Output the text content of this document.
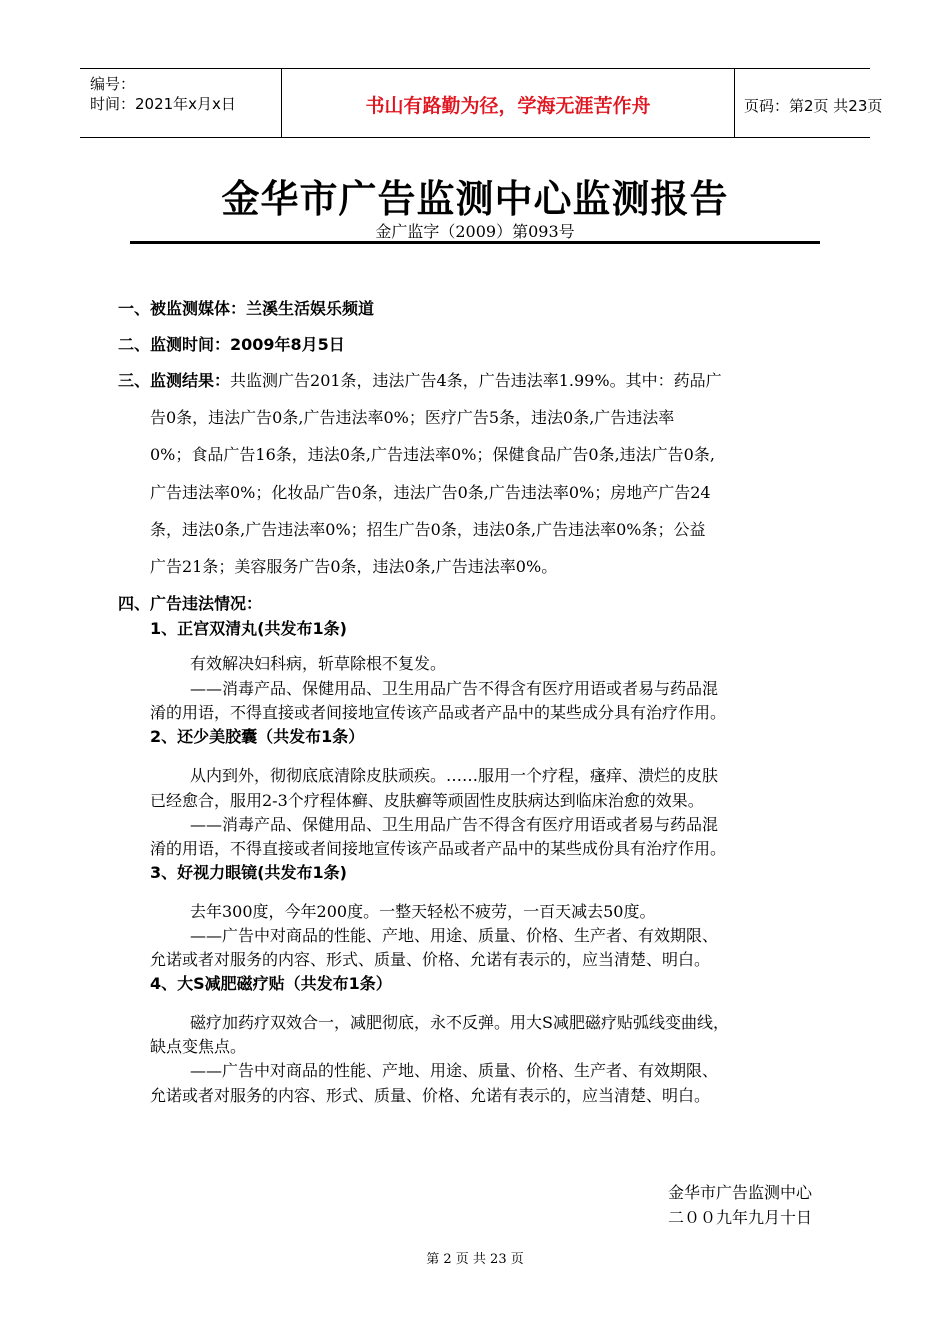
编号：
时间：2021年x月x日	书山有路勤为径，学海无涯苦作舟	页码：第2页 共23页
金华市广告监测中心监测报告
金广监字（2009）第093号
一、被监测媒体：兰溪生活娱乐频道
二、监测时间：2009年8月5日
三、监测结果：共监测广告201条，违法广告4条，广告违法率1.99%。其中：药品广
告0条，违法广告0条,广告违法率0%；医疗广告5条，违法0条,广告违法率
0%；食品广告16条，违法0条,广告违法率0%；保健食品广告0条,违法广告0条,
广告违法率0%；化妆品广告0条，违法广告0条,广告违法率0%；房地产广告24
条，违法0条,广告违法率0%；招生广告0条，违法0条,广告违法率0%条；公益
广告21条；美容服务广告0条，违法0条,广告违法率0%。
四、广告违法情况：
1、正宫双清丸(共发布1条)
有效解决妇科病，斩草除根不复发。
——消毒产品、保健用品、卫生用品广告不得含有医疗用语或者易与药品混
淆的用语，不得直接或者间接地宣传该产品或者产品中的某些成分具有治疗作用。
2、还少美胶囊（共发布1条）
从内到外，彻彻底底清除皮肤顽疾。……服用一个疗程，瘙痒、溃烂的皮肤
已经愈合，服用2-3个疗程体癣、皮肤癣等顽固性皮肤病达到临床治愈的效果。
——消毒产品、保健用品、卫生用品广告不得含有医疗用语或者易与药品混
淆的用语，不得直接或者间接地宣传该产品或者产品中的某些成份具有治疗作用。
3、好视力眼镜(共发布1条)
去年300度，今年200度。一整天轻松不疲劳，一百天减去50度。
——广告中对商品的性能、产地、用途、质量、价格、生产者、有效期限、
允诺或者对服务的内容、形式、质量、价格、允诺有表示的，应当清楚、明白。
4、大S减肥磁疗贴（共发布1条）
磁疗加药疗双效合一，减肥彻底，永不反弹。用大S减肥磁疗贴弧线变曲线，
缺点变焦点。
——广告中对商品的性能、产地、用途、质量、价格、生产者、有效期限、
允诺或者对服务的内容、形式、质量、价格、允诺有表示的，应当清楚、明白。
金华市广告监测中心
二００九年九月十日
第 2 页 共 23 页
